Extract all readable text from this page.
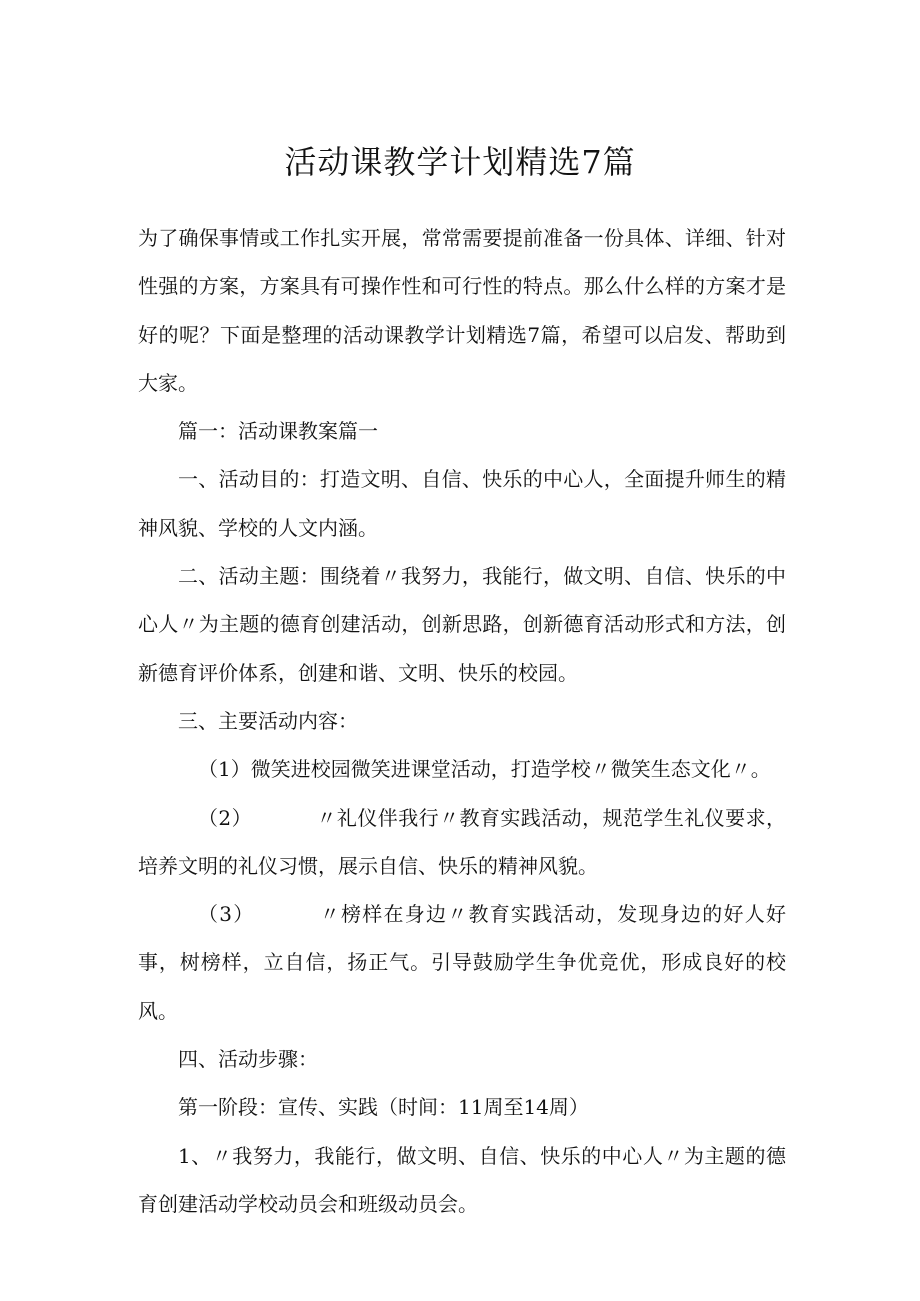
活动课教学计划精选7篇

为了确保事情或工作扎实开展，常常需要提前准备一份具体、详细、针对性强的方案，方案具有可操作性和可行性的特点。那么什么样的方案才是好的呢？下面是整理的活动课教学计划精选7篇，希望可以启发、帮助到大家。

篇一：活动课教案篇一

一、活动目的：打造文明、自信、快乐的中心人，全面提升师生的精神风貌、学校的人文内涵。

二、活动主题：围绕着〃我努力，我能行，做文明、自信、快乐的中心人〃为主题的德育创建活动，创新思路，创新德育活动形式和方法，创新德育评价体系，创建和谐、文明、快乐的校园。

三、主要活动内容：

（1）微笑进校园微笑进课堂活动，打造学校〃微笑生态文化〃。

（2）	〃礼仪伴我行〃教育实践活动，规范学生礼仪要求，培养文明的礼仪习惯，展示自信、快乐的精神风貌。

（3）	〃榜样在身边〃教育实践活动，发现身边的好人好事，树榜样，立自信，扬正气。引导鼓励学生争优竞优，形成良好的校风。

四、活动步骤：

第一阶段：宣传、实践（时间：11周至14周）

1、〃我努力，我能行，做文明、自信、快乐的中心人〃为主题的德育创建活动学校动员会和班级动员会。
